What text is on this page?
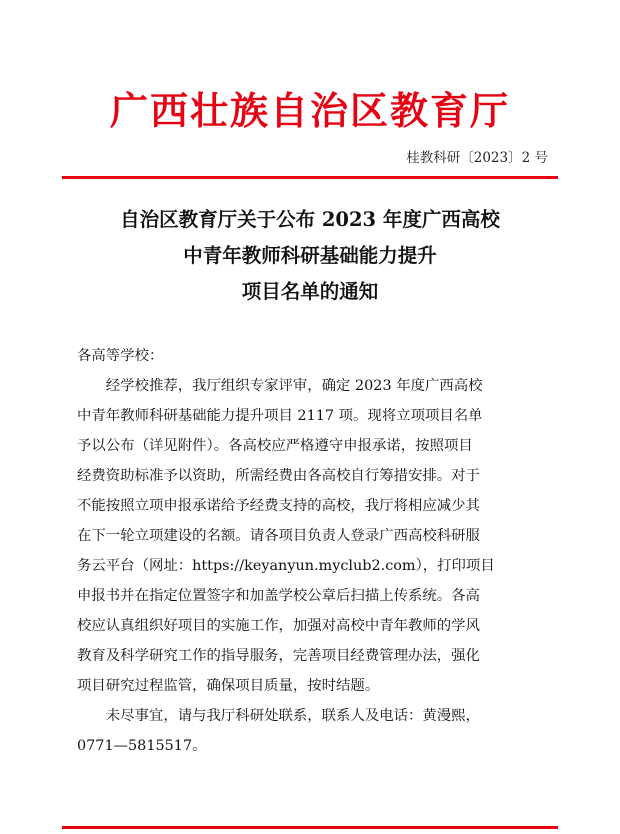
广西壮族自治区教育厅
桂教科研〔2023〕2 号
自治区教育厅关于公布 2023 年度广西高校
中青年教师科研基础能力提升
项目名单的通知
各高等学校：
　　经学校推荐，我厅组织专家评审，确定 2023 年度广西高校
中青年教师科研基础能力提升项目 2117 项。现将立项项目名单
予以公布（详见附件）。各高校应严格遵守申报承诺，按照项目
经费资助标准予以资助，所需经费由各高校自行筹措安排。对于
不能按照立项申报承诺给予经费支持的高校，我厅将相应减少其
在下一轮立项建设的名额。请各项目负责人登录广西高校科研服
务云平台（网址：https://keyanyun.myclub2.com），打印项目
申报书并在指定位置签字和加盖学校公章后扫描上传系统。各高
校应认真组织好项目的实施工作，加强对高校中青年教师的学风
教育及科学研究工作的指导服务，完善项目经费管理办法，强化
项目研究过程监管，确保项目质量，按时结题。
　　未尽事宜，请与我厅科研处联系，联系人及电话：黄漫熙，
0771—5815517。
